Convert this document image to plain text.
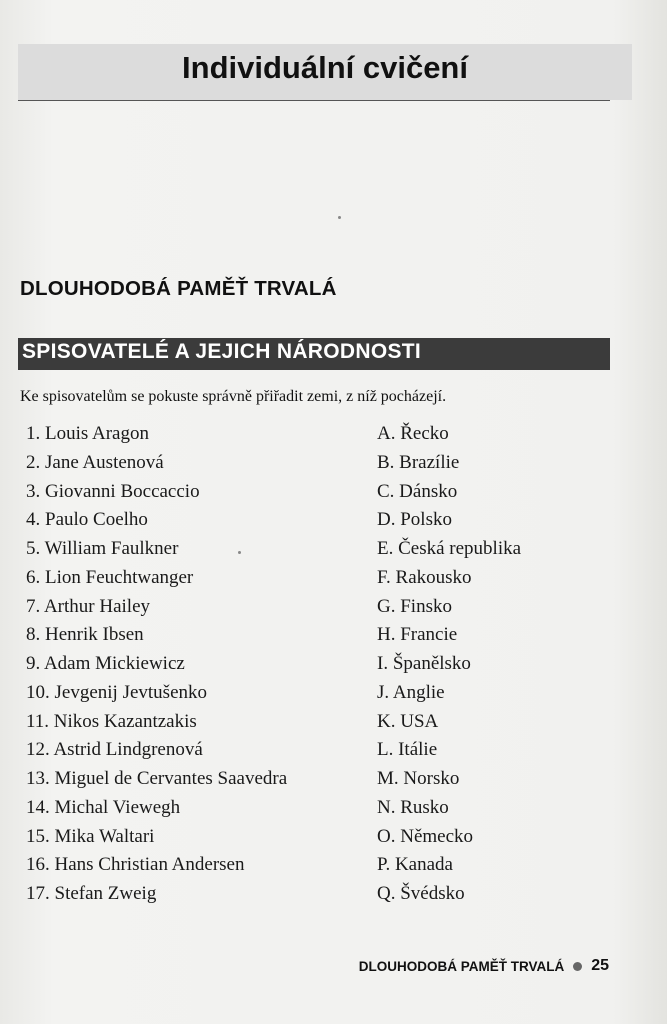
Individuální cvičení
DLOUHODOBÁ PAMĚŤ TRVALÁ
SPISOVATELÉ A JEJICH NÁRODNOSTI
Ke spisovatelům se pokuste správně přiřadit zemi, z níž pocházejí.
1. Louis Aragon
2. Jane Austenová
3. Giovanni Boccaccio
4. Paulo Coelho
5. William Faulkner
6. Lion Feuchtwanger
7. Arthur Hailey
8. Henrik Ibsen
9. Adam Mickiewicz
10. Jevgenij Jevtušenko
11. Nikos Kazantzakis
12. Astrid Lindgrenová
13. Miguel de Cervantes Saavedra
14. Michal Viewegh
15. Mika Waltari
16. Hans Christian Andersen
17. Stefan Zweig
A. Řecko
B. Brazílie
C. Dánsko
D. Polsko
E. Česká republika
F. Rakousko
G. Finsko
H. Francie
I. Španělsko
J. Anglie
K. USA
L. Itálie
M. Norsko
N. Rusko
O. Německo
P. Kanada
Q. Švédsko
DLOUHODOBÁ PAMĚŤ TRVALÁ 25
